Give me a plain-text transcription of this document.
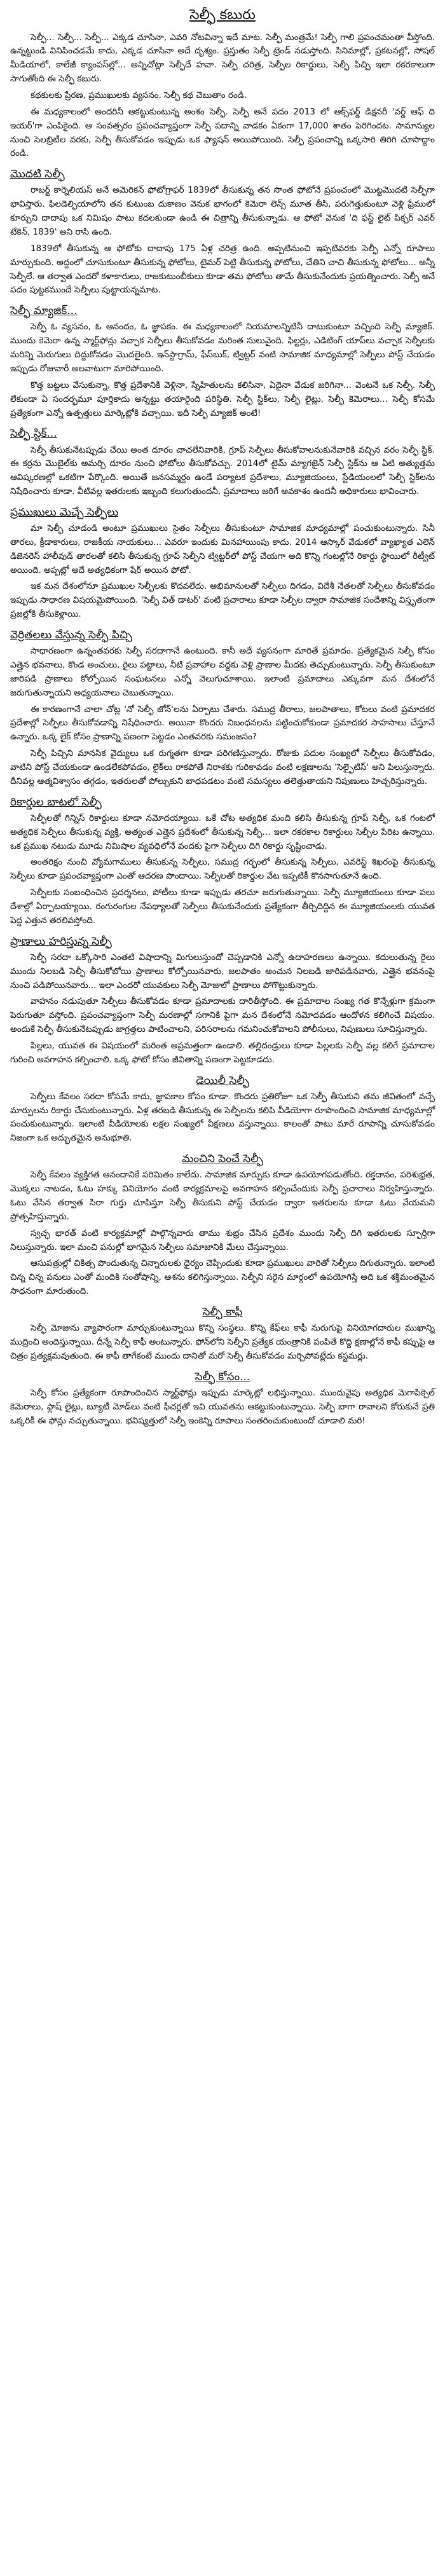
సెల్ఫీ కబురు

సెల్ఫీ... సెల్ఫీ... సెల్ఫీ... ఎక్కడ చూసినా, ఎవరి నోటవిన్నా ఇదే మాట. సెల్ఫీ మంత్రమే! సెల్ఫీ గాలి ప్రపంచమంతా వీస్తోంది. ఉన్నట్టుండి వినిపించడమే కాదు, ఎక్కడ చూసినా అదే దృశ్యం. ప్రస్తుతం సెల్ఫీ ట్రెండ్ నడుస్తోంది. సినిమాల్లో, ప్రకటనల్లో, సోషల్ మీడియాలో, కాలేజీ క్యాంపస్‌ల్లో... అన్నిచోట్లా సెల్ఫీదే హవా. సెల్ఫీ చరిత్ర, సెల్ఫీల రికార్డులు, సెల్ఫీ పిచ్చి ఇలా రకరకాలుగా సాగుతోంది ఈ సెల్ఫీ కబురు.

కథకులకు ప్రేరణ, ప్రముఖులకు వ్యసనం. సెల్ఫీ కథ చెబుతాం రండి.

ఈ మధ్యకాలంలో అందరినీ ఆకట్టుకుంటున్న అంశం సెల్ఫీ. సెల్ఫీ అనే పదం 2013 లో ఆక్స్‌ఫర్డ్ డిక్షనరీ 'వర్డ్ ఆఫ్ ది ఇయర్'గా ఎంపికైంది. ఆ సంవత్సరం ప్రపంచవ్యాప్తంగా సెల్ఫీ పదాన్ని వాడకం ఏకంగా 17,000 శాతం పెరిగిందట. సామాన్యుల నుంచి సెలబ్రిటీల వరకు, సెల్ఫీ తీసుకోవడం ఇప్పుడు ఒక ఫ్యాషన్ అయిపోయింది. సెల్ఫీ ప్రపంచాన్ని ఒక్కసారి తిరిగి చూసొద్దాం రండి.

మొదటి సెల్ఫీ

రాబర్ట్ కార్నెలియస్ అనే అమెరికన్ ఫోటోగ్రాఫర్ 1839లో తీసుకున్న తన సొంత ఫోటోనే ప్రపంచంలో మొట్టమొదటి సెల్ఫీగా భావిస్తారు. ఫిలడెల్ఫియాలోని తన కుటుంబ దుకాణం వెనుక భాగంలో కెమెరా లెన్స్ మూత తీసి, పరుగెత్తుకుంటూ వెళ్లి ఫ్రేములో కూర్చుని దాదాపు ఒక నిమిషం పాటు కదలకుండా ఉండి ఈ చిత్రాన్ని తీసుకున్నాడు. ఆ ఫోటో వెనుక 'ది ఫస్ట్ లైట్ పిక్చర్ ఎవర్ టేకెన్, 1839' అని రాసి ఉంది.

1839లో తీసుకున్న ఆ ఫోటోకు దాదాపు 175 ఏళ్ల చరిత్ర ఉంది. అప్పటినుంచి ఇప్పటివరకు సెల్ఫీ ఎన్నో రూపాలు మార్చుకుంది. అద్దంలో చూసుకుంటూ తీసుకున్న ఫోటోలు, టైమర్ పెట్టి తీసుకున్న ఫోటోలు, చేతిని చాచి తీసుకున్న ఫోటోలు... అన్నీ సెల్ఫీలే. ఆ తర్వాత ఎందరో కళాకారులు, రాజకుటుంబీకులు కూడా తమ ఫోటోలు తామే తీసుకునేందుకు ప్రయత్నించారు. సెల్ఫీ అనే పదం పుట్టకముందే సెల్ఫీలు పుట్టాయన్నమాట.

సెల్ఫీ మ్యాజిక్...

సెల్ఫీ ఓ వ్యసనం, ఓ ఆనందం, ఓ జ్ఞాపకం. ఈ మధ్యకాలంలో నియమాలన్నిటినీ దాటుకుంటూ వచ్చింది సెల్ఫీ మ్యాజిక్. ముందు కెమెరా ఉన్న స్మార్ట్‌ఫోన్లు వచ్చాక సెల్ఫీలు తీసుకోవడం మరింత సులువైంది. ఫిల్టర్లు, ఎడిటింగ్ యాప్‌లు వచ్చాక సెల్ఫీలకు మరిన్ని మెరుగులు దిద్దుకోవడం మొదలైంది. ఇన్‌స్టాగ్రామ్, ఫేస్‌బుక్, ట్విట్టర్ వంటి సామాజిక మాధ్యమాల్లో సెల్ఫీలు పోస్ట్ చేయడం ఇప్పుడు రోజువారీ అలవాటుగా మారిపోయింది.

కొత్త బట్టలు వేసుకున్నా, కొత్త ప్రదేశానికి వెళ్లినా, స్నేహితులను కలిసినా, ఏదైనా వేడుక జరిగినా... వెంటనే ఒక సెల్ఫీ. సెల్ఫీ లేకుండా ఏ సందర్భమూ పూర్తికాదు అన్నట్టు తయారైంది పరిస్థితి. సెల్ఫీ స్టిక్‌లు, సెల్ఫీ లైట్లు, సెల్ఫీ కెమెరాలు... సెల్ఫీ కోసమే ప్రత్యేకంగా ఎన్నో ఉత్పత్తులు మార్కెట్లోకి వచ్చాయి. ఇదీ సెల్ఫీ మ్యాజిక్ అంటే!

సెల్ఫీ స్టిక్...

సెల్ఫీ తీసుకునేటప్పుడు చేయి అంత దూరం చాచలేనివారికి, గ్రూప్ సెల్ఫీలు తీసుకోవాలనుకునేవారికి వచ్చిన వరం సెల్ఫీ స్టిక్. ఈ కర్రను మొబైల్‌కు అమర్చి దూరం నుంచి ఫోటోలు తీసుకోవచ్చు. 2014లో టైమ్ మ్యాగజైన్ సెల్ఫీ స్టిక్‌ను ఆ ఏటి అత్యుత్తమ ఆవిష్కరణల్లో ఒకటిగా పేర్కొంది. అయితే జనసమ్మర్దం ఉండే పర్యాటక ప్రదేశాలు, మ్యూజియంలు, స్టేడియంలలో సెల్ఫీ స్టిక్‌లను నిషేధించారు కూడా. వీటివల్ల ఇతరులకు ఇబ్బంది కలుగుతుందనీ, ప్రమాదాలు జరిగే అవకాశం ఉందనీ అధికారులు భావించారు.

ప్రముఖులు మెచ్చే సెల్ఫీలు

మా సెల్ఫీ చూడండి అంటూ ప్రముఖులు సైతం సెల్ఫీలు తీసుకుంటూ సామాజిక మాధ్యమాల్లో పంచుకుంటున్నారు. సినీ తారలు, క్రీడాకారులు, రాజకీయ నాయకులు... ఎవరూ ఇందుకు మినహాయింపు కాదు. 2014 ఆస్కార్ వేడుకలో వ్యాఖ్యాత ఎలెన్ డిజెనరెస్ హాలీవుడ్ తారలతో కలిసి తీసుకున్న గ్రూప్ సెల్ఫీని ట్విట్టర్‌లో పోస్ట్ చేయగా అది కొన్ని గంటల్లోనే రికార్డు స్థాయిలో రీట్వీట్ అయింది. అప్పట్లో అదే అత్యధికంగా షేర్ అయిన ఫోటో.

ఇక మన దేశంలోనూ ప్రముఖుల సెల్ఫీలకు కొదవలేదు. అభిమానులతో సెల్ఫీలు దిగడం, విదేశీ నేతలతో సెల్ఫీలు తీసుకోవడం ఇప్పుడు సాధారణ విషయమైపోయింది. 'సెల్ఫీ విత్ డాటర్' వంటి ప్రచారాలు కూడా సెల్ఫీల ద్వారా సామాజిక సందేశాన్ని విస్తృతంగా ప్రజల్లోకి తీసుకెళ్లాయి.

వెర్రితలలు వేస్తున్న సెల్ఫీ పిచ్చి

సాధారణంగా ఉన్నంతవరకు సెల్ఫీ సరదాగానే ఉంటుంది. కానీ అదే వ్యసనంగా మారితే ప్రమాదం. ప్రత్యేకమైన సెల్ఫీ కోసం ఎత్తైన భవనాలు, కొండ అంచులు, రైలు పట్టాలు, నీటి ప్రవాహాల వద్దకు వెళ్లి ప్రాణాల మీదకు తెచ్చుకుంటున్నారు. సెల్ఫీ తీసుకుంటూ జారిపడి ప్రాణాలు కోల్పోయిన సంఘటనలు ఎన్నో వెలుగుచూశాయి. ఇలాంటి ప్రమాదాలు ఎక్కువగా మన దేశంలోనే జరుగుతున్నాయని అధ్యయనాలు చెబుతున్నాయి.

ఈ కారణంగానే చాలా చోట్ల 'నో సెల్ఫీ జోన్'లను ఏర్పాటు చేశారు. సముద్ర తీరాలు, జలపాతాలు, కోటలు వంటి ప్రమాదకర ప్రదేశాల్లో సెల్ఫీలు తీసుకోవడాన్ని నిషేధించారు. అయినా కొందరు నిబంధనలను పట్టించుకోకుండా ప్రమాదకర సాహసాలు చేస్తూనే ఉన్నారు. ఒక్క లైక్ కోసం ప్రాణాన్ని పణంగా పెట్టడం ఎంతవరకు సమంజసం?

సెల్ఫీ పిచ్చిని మానసిక వైద్యులు ఒక రుగ్మతగా కూడా పరిగణిస్తున్నారు. రోజుకు పదుల సంఖ్యలో సెల్ఫీలు తీసుకోవడం, వాటిని పోస్ట్ చేయకుండా ఉండలేకపోవడం, లైక్‌లు రాకపోతే నిరాశకు గురికావడం వంటి లక్షణాలను 'సెల్ఫైటిస్' అని పిలుస్తున్నారు. దీనివల్ల ఆత్మవిశ్వాసం తగ్గడం, ఇతరులతో పోల్చుకుని బాధపడటం వంటి సమస్యలు తలెత్తుతాయని నిపుణులు హెచ్చరిస్తున్నారు.

రికార్డుల బాటలో సెల్ఫీ

సెల్ఫీలతో గిన్నిస్ రికార్డులు కూడా నమోదయ్యాయి. ఒకే చోట అత్యధిక మంది కలిసి తీసుకున్న గ్రూప్ సెల్ఫీ, ఒక గంటలో అత్యధిక సెల్ఫీలు తీసుకున్న వ్యక్తి, అత్యంత ఎత్తైన ప్రదేశంలో తీసుకున్న సెల్ఫీ... ఇలా రకరకాల రికార్డులు సెల్ఫీల పేరిట ఉన్నాయి. ఒక ప్రముఖ నటుడు మూడు నిమిషాల వ్యవధిలోనే వందకు పైగా సెల్ఫీలు దిగి రికార్డు సృష్టించాడు.

అంతరిక్షం నుంచి వ్యోమగాములు తీసుకున్న సెల్ఫీలు, సముద్ర గర్భంలో తీసుకున్న సెల్ఫీలు, ఎవరెస్ట్ శిఖరంపై తీసుకున్న సెల్ఫీలు కూడా ప్రపంచవ్యాప్తంగా ఎంతో ఆదరణ పొందాయి. సెల్ఫీలతో రికార్డుల వేట ఇప్పటికీ కొనసాగుతూనే ఉంది.

సెల్ఫీలకు సంబంధించిన ప్రదర్శనలు, పోటీలు కూడా ఇప్పుడు తరచూ జరుగుతున్నాయి. సెల్ఫీ మ్యూజియంలు కూడా పలు దేశాల్లో ఏర్పాటయ్యాయి. రంగురంగుల నేపథ్యాలతో సెల్ఫీలు తీసుకునేందుకు ప్రత్యేకంగా తీర్చిదిద్దిన ఈ మ్యూజియంలకు యువత పెద్ద ఎత్తున తరలివస్తోంది.

ప్రాణాలు హరిస్తున్న సెల్ఫీ

సెల్ఫీ సరదా ఒక్కోసారి ఎంతటి విషాదాన్ని మిగులుస్తుందో చెప్పడానికి ఎన్నో ఉదాహరణలు ఉన్నాయి. కదులుతున్న రైలు ముందు నిలబడి సెల్ఫీ తీసుకోబోయి ప్రాణాలు కోల్పోయినవారు, జలపాతం అంచున నిలబడి జారిపడినవారు, ఎత్తైన భవనంపై నుంచి పడిపోయినవారు... ఇలా ఎందరో యువకులు సెల్ఫీ మోజులో ప్రాణాలు పోగొట్టుకున్నారు.

వాహనం నడుపుతూ సెల్ఫీలు తీసుకోవడం కూడా ప్రమాదాలకు దారితీస్తోంది. ఈ ప్రమాదాల సంఖ్య గత కొన్నేళ్లుగా క్రమంగా పెరుగుతూ వస్తోంది. ప్రపంచవ్యాప్తంగా సెల్ఫీ మరణాల్లో సగానికి పైగా మన దేశంలోనే నమోదవడం ఆందోళన కలిగించే విషయం. అందుకే సెల్ఫీ తీసుకునేటప్పుడు జాగ్రత్తలు పాటించాలని, పరిసరాలను గమనించుకోవాలని పోలీసులు, నిపుణులు సూచిస్తున్నారు.

పిల్లలు, యువత ఈ విషయంలో మరింత అప్రమత్తంగా ఉండాలి. తల్లిదండ్రులు కూడా పిల్లలకు సెల్ఫీ వల్ల కలిగే ప్రమాదాల గురించి అవగాహన కల్పించాలి. ఒక్క ఫోటో కోసం జీవితాన్ని పణంగా పెట్టకూడదు.

డెయిలీ సెల్ఫీ

సెల్ఫీలు కేవలం సరదా కోసమే కాదు, జ్ఞాపకాల కోసం కూడా. కొందరు ప్రతిరోజూ ఒక సెల్ఫీ తీసుకుని తమ జీవితంలో వచ్చే మార్పులను రికార్డు చేసుకుంటున్నారు. ఏళ్ల తరబడి తీసుకున్న ఈ సెల్ఫీలను కలిపి వీడియోగా రూపొందించి సామాజిక మాధ్యమాల్లో పంచుకుంటున్నారు. ఇలాంటి వీడియోలకు లక్షల సంఖ్యలో వీక్షణలు వస్తున్నాయి. కాలంతో పాటు మారే రూపాన్ని చూసుకోవడం నిజంగా ఒక అద్భుతమైన అనుభూతి.

మంచిని పెంచే సెల్ఫీ

సెల్ఫీ కేవలం వ్యక్తిగత ఆనందానికే పరిమితం కాలేదు. సామాజిక మార్పుకు కూడా ఉపయోగపడుతోంది. రక్తదానం, పరిశుభ్రత, మొక్కలు నాటడం, ఓటు హక్కు వినియోగం వంటి కార్యక్రమాలపై అవగాహన కల్పించేందుకు సెల్ఫీ ప్రచారాలు నిర్వహిస్తున్నారు. ఓటు వేసిన తర్వాత సిరా గుర్తు చూపిస్తూ సెల్ఫీ తీసుకుని పోస్ట్ చేయడం ద్వారా ఇతరులను కూడా ఓటు వేయమని ప్రోత్సహిస్తున్నారు.

స్వచ్ఛ భారత్ వంటి కార్యక్రమాల్లో పాల్గొన్నవారు తాము శుభ్రం చేసిన ప్రదేశం ముందు సెల్ఫీ దిగి ఇతరులకు స్ఫూర్తిగా నిలుస్తున్నారు. ఇలా మంచి పనుల్లో భాగమైన సెల్ఫీలు సమాజానికి మేలు చేస్తున్నాయి.

ఆసుపత్రుల్లో చికిత్స పొందుతున్న చిన్నారులకు ధైర్యం చెప్పేందుకు కూడా ప్రముఖులు వారితో సెల్ఫీలు దిగుతున్నారు. ఇలాంటి చిన్న చిన్న పనులు ఎంతో మందికి సంతోషాన్ని, ఆశను కలిగిస్తున్నాయి. సెల్ఫీని సరైన మార్గంలో ఉపయోగిస్తే అది ఒక శక్తిమంతమైన సాధనంగా మారుతుంది.

సెల్ఫీ కాఫీ

సెల్ఫీ మోజును వ్యాపారంగా మార్చుకుంటున్నాయి కొన్ని సంస్థలు. కొన్ని కేఫ్‌లు కాఫీ నురుగుపై వినియోగదారుల ముఖాన్ని ముద్రించి అందిస్తున్నాయి. దీన్నే సెల్ఫీ కాఫీ అంటున్నారు. ఫోన్‌లోని సెల్ఫీని ప్రత్యేక యంత్రానికి పంపితే కొద్ది క్షణాల్లోనే కాఫీ కప్పుపై ఆ చిత్రం ప్రత్యక్షమవుతుంది. ఈ కాఫీ తాగేకంటే ముందు దానితో మరో సెల్ఫీ తీసుకోవడం మర్చిపోవట్లేదు కస్టమర్లు.

సెల్ఫీ కోసం...

సెల్ఫీ కోసం ప్రత్యేకంగా రూపొందించిన స్మార్ట్‌ఫోన్లు ఇప్పుడు మార్కెట్లో లభిస్తున్నాయి. ముందువైపు అత్యధిక మెగాపిక్సెల్ కెమెరాలు, ఫ్లాష్ లైట్లు, బ్యూటీ మోడ్‌లు వంటి ఫీచర్లతో ఇవి యువతను ఆకట్టుకుంటున్నాయి. సెల్ఫీ బాగా రావాలని కోరుకునే ప్రతి ఒక్కరికీ ఈ ఫోన్లు నచ్చుతున్నాయి. భవిష్యత్తులో సెల్ఫీ ఇంకెన్ని రూపాలు సంతరించుకుంటుందో చూడాలి మరి!
